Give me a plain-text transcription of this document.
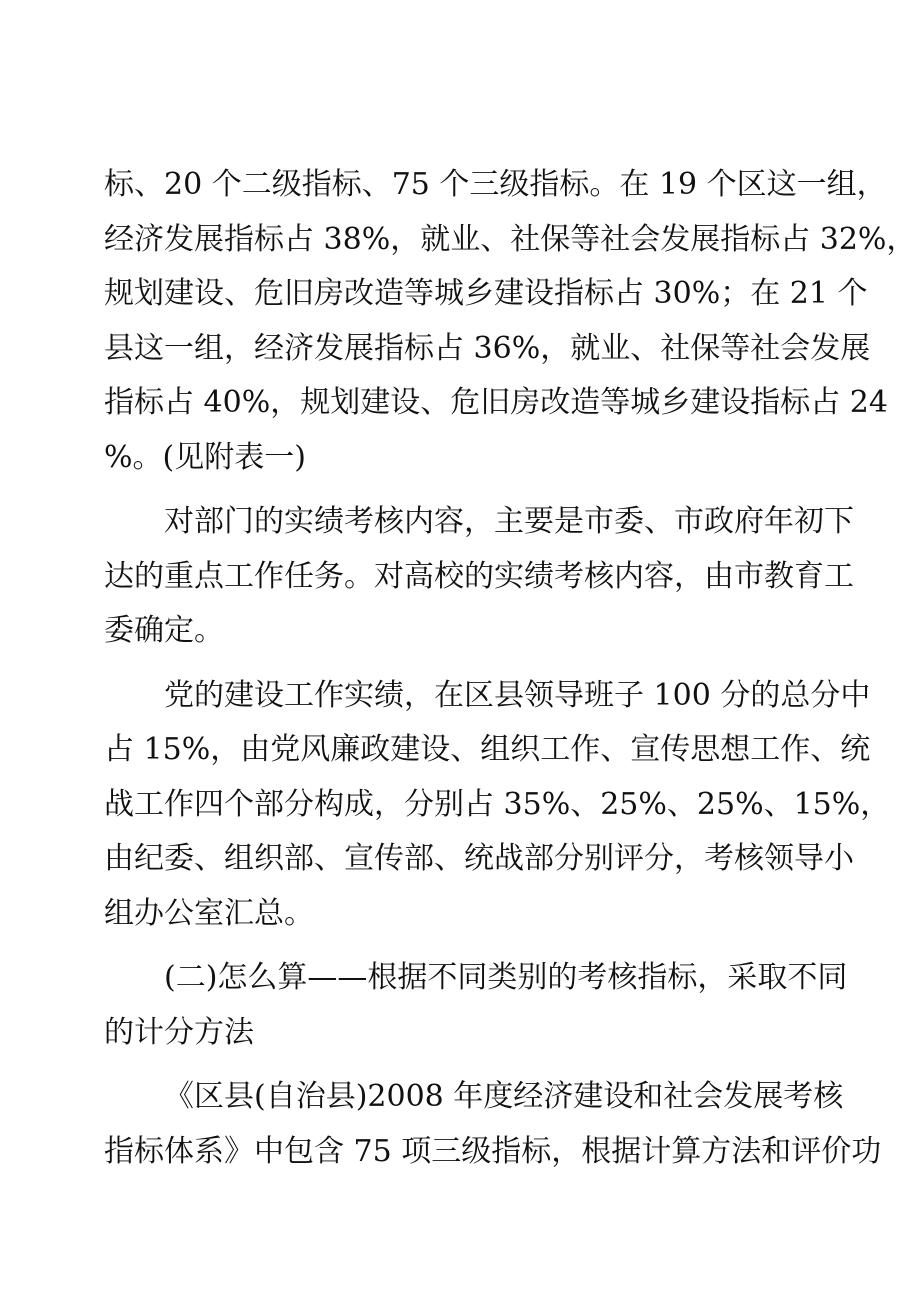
标、20 个二级指标、75 个三级指标。在 19 个区这一组，
经济发展指标占 38%，就业、社保等社会发展指标占 32%，
规划建设、危旧房改造等城乡建设指标占 30%；在 21 个
县这一组，经济发展指标占 36%，就业、社保等社会发展
指标占 40%，规划建设、危旧房改造等城乡建设指标占 24
%。(见附表一)
对部门的实绩考核内容，主要是市委、市政府年初下
达的重点工作任务。对高校的实绩考核内容，由市教育工
委确定。
党的建设工作实绩，在区县领导班子 100 分的总分中
占 15%，由党风廉政建设、组织工作、宣传思想工作、统
战工作四个部分构成，分别占 35%、25%、25%、15%，
由纪委、组织部、宣传部、统战部分别评分，考核领导小
组办公室汇总。
(二)怎么算——根据不同类别的考核指标，采取不同
的计分方法
《区县(自治县)2008 年度经济建设和社会发展考核
指标体系》中包含 75 项三级指标，根据计算方法和评价功
